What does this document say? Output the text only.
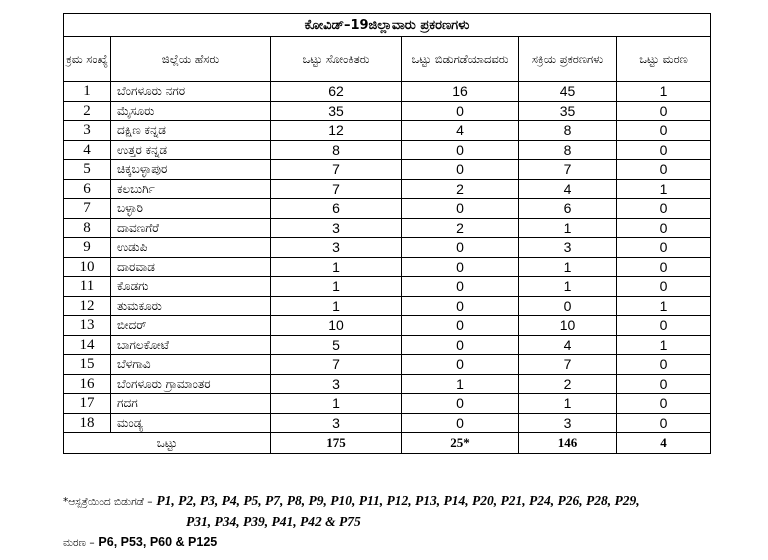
ಕೋವಿಡ್–19ಜಿಲ್ಲಾವಾರು ಪ್ರಕರಣಗಳು					
ಕ್ರಮ ಸಂಖ್ಯೆ	ಜಿಲ್ಲೆಯ ಹೆಸರು	ಒಟ್ಟು ಸೋಂಕಿತರು	ಒಟ್ಟು ಬಿಡುಗಡೆಯಾದವರು	ಸಕ್ರಿಯ ಪ್ರಕರಣಗಳು	ಒಟ್ಟು ಮರಣ
1	ಬೆಂಗಳೂರು ನಗರ	62	16	45	1
2	ಮೈಸೂರು	35	0	35	0
3	ದಕ್ಷಿಣ ಕನ್ನಡ	12	4	8	0
4	ಉತ್ತರ ಕನ್ನಡ	8	0	8	0
5	ಚಿಕ್ಕಬಳ್ಳಾಪುರ	7	0	7	0
6	ಕಲಬುರ್ಗಿ	7	2	4	1
7	ಬಳ್ಳಾರಿ	6	0	6	0
8	ದಾವಣಗೆರೆ	3	2	1	0
9	ಉಡುಪಿ	3	0	3	0
10	ದಾರವಾಡ	1	0	1	0
11	ಕೊಡಗು	1	0	1	0
12	ತುಮಕೂರು	1	0	0	1
13	ಬೀದರ್	10	0	10	0
14	ಬಾಗಲಕೋಟೆ	5	0	4	1
15	ಬೆಳಗಾವಿ	7	0	7	0
16	ಬೆಂಗಳೂರು ಗ್ರಾಮಾಂತರ	3	1	2	0
17	ಗದಗ	1	0	1	0
18	ಮಂಡ್ಯ	3	0	3	0
ಒಟ್ಟು		175	25*	146	4
*ಆಸ್ಪತ್ರೆಯಿಂದ ಬಿಡುಗಡೆ – P1, P2, P3, P4, P5, P7, P8, P9, P10, P11, P12, P13, P14, P20, P21, P24, P26, P28, P29,
P31, P34, P39, P41, P42 & P75
ಮರಣ – P6, P53, P60 & P125
